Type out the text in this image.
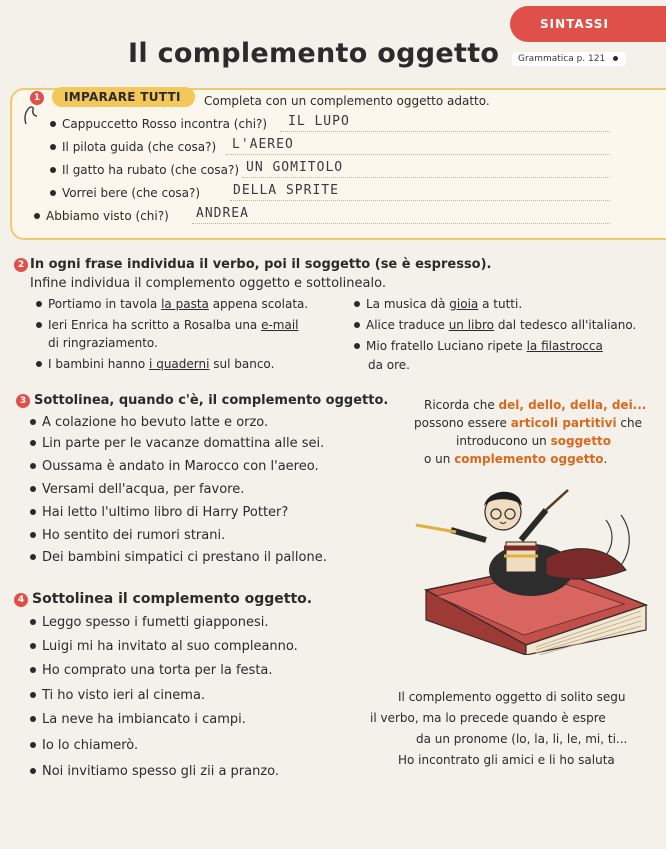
SINTASSI
Il complemento oggetto	Grammatica p. 121
1	IMPARARE TUTTI	Completa con un complemento oggetto adatto.
Cappuccetto Rosso incontra (chi?) IL LUPO
Il pilota guida (che cosa?) L'AEREO
Il gatto ha rubato (che cosa?) UN GOMITOLO
Vorrei bere (che cosa?)	DELLA SPRITE
Abbiamo visto (chi?) ANDREA
2 In ogni frase individua il verbo, poi il soggetto (se è espresso).
Infine individua il complemento oggetto e sottolinealo.
Portiamo in tavola la pasta appena scolata.
Ieri Enrica ha scritto a Rosalba una e-mail
di ringraziamento.
I bambini hanno i quaderni sul banco.
La musica dà gioia a tutti.
Alice traduce un libro dal tedesco all'italiano.
Mio fratello Luciano ripete la filastrocca
da ore.
3 Sottolinea, quando c'è, il complemento oggetto.
A colazione ho bevuto latte e orzo.
Lin parte per le vacanze domattina alle sei.
Oussama è andato in Marocco con l'aereo.
Versami dell'acqua, per favore.
Hai letto l'ultimo libro di Harry Potter?
Ho sentito dei rumori strani.
Dei bambini simpatici ci prestano il pallone.
Ricorda che del, dello, della, dei...
possono essere articoli partitivi che
introducono un soggetto
o un complemento oggetto.
4 Sottolinea il complemento oggetto.
Leggo spesso i fumetti giapponesi.
Luigi mi ha invitato al suo compleanno.
Ho comprato una torta per la festa.
Ti ho visto ieri al cinema.
La neve ha imbiancato i campi.
Io lo chiamerò.
Noi invitiamo spesso gli zii a pranzo.
Il complemento oggetto di solito segu
il verbo, ma lo precede quando è espre
da un pronome (lo, la, li, le, mi, ti...
Ho incontrato gli amici e li ho saluta
